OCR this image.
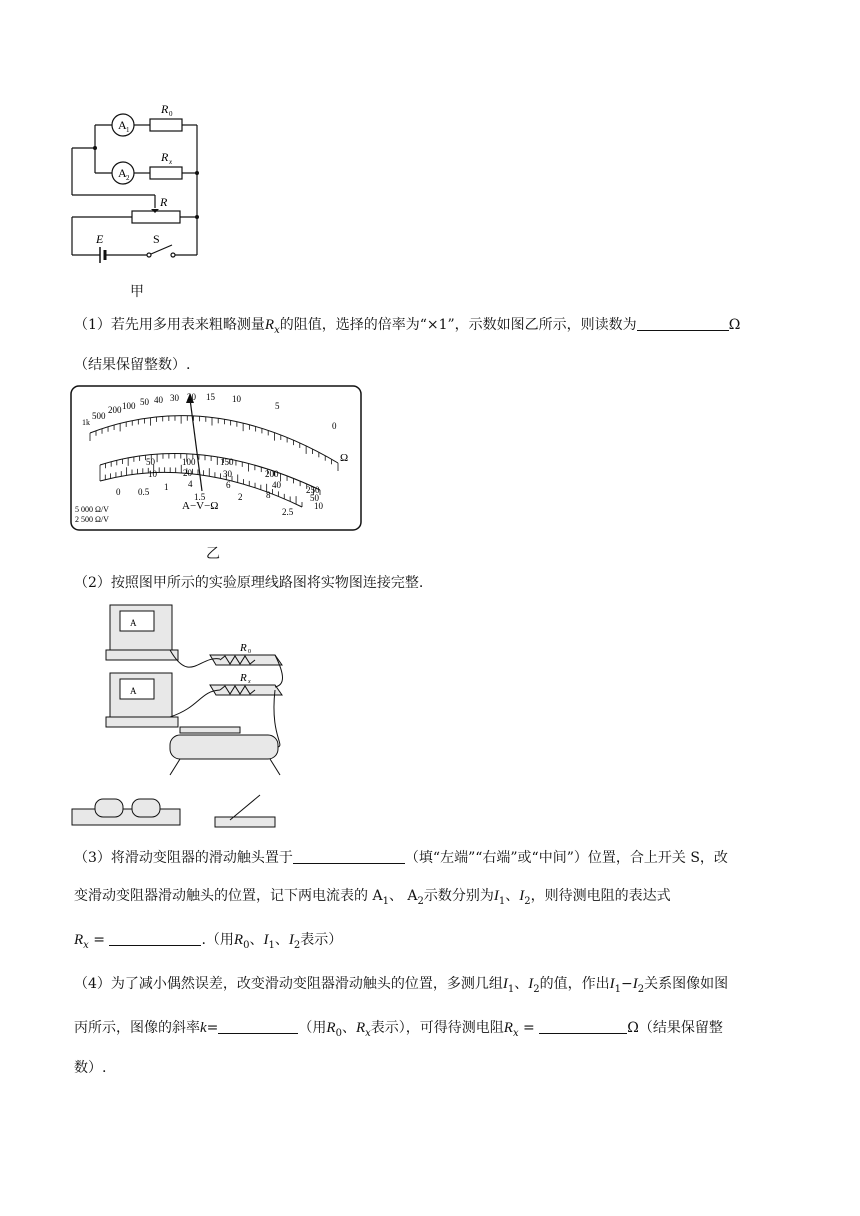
A 1
A 2
R 0
R x
R
E	S
甲
（1）若先用多用表来粗略测量$R_x$的阻值，选择的倍率为“×1”，示数如图乙所示，则读数为	Ω
（结果保留整数）.
1k
500
200 100 50 40 30 20 15 10
5
0
100	150
200
20	30
40
50
10
4	6
8
0.5 1
1.5	2
2.5
0	250
50
10
Ω
A−V−Ω
5 000 Ω/V
2 500 Ω/V
乙
（2）按照图甲所示的实验原理线路图将实物图连接完整.
A
A
R 0
R x
（3）将滑动变阻器的滑动触头置于	（填“左端”“右端”或“中间”）位置，合上开关 S，改
变滑动变阻器滑动触头的位置，记下两电流表的 $A_1$、 $A_2$示数分别为$I_1$、$I_2$，则待测电阻的表达式
$R_x$ =	.（用$R_0$、$I_1$、$I_2$表示）
（4）为了减小偶然误差，改变滑动变阻器滑动触头的位置，多测几组$I_1$、$I_2$的值，作出$I_1-I_2$关系图像如图
丙所示，图像的斜率k=	（用$R_0$、$R_x$表示），可得待测电阻$R_x$ =	Ω（结果保留整
数）.
